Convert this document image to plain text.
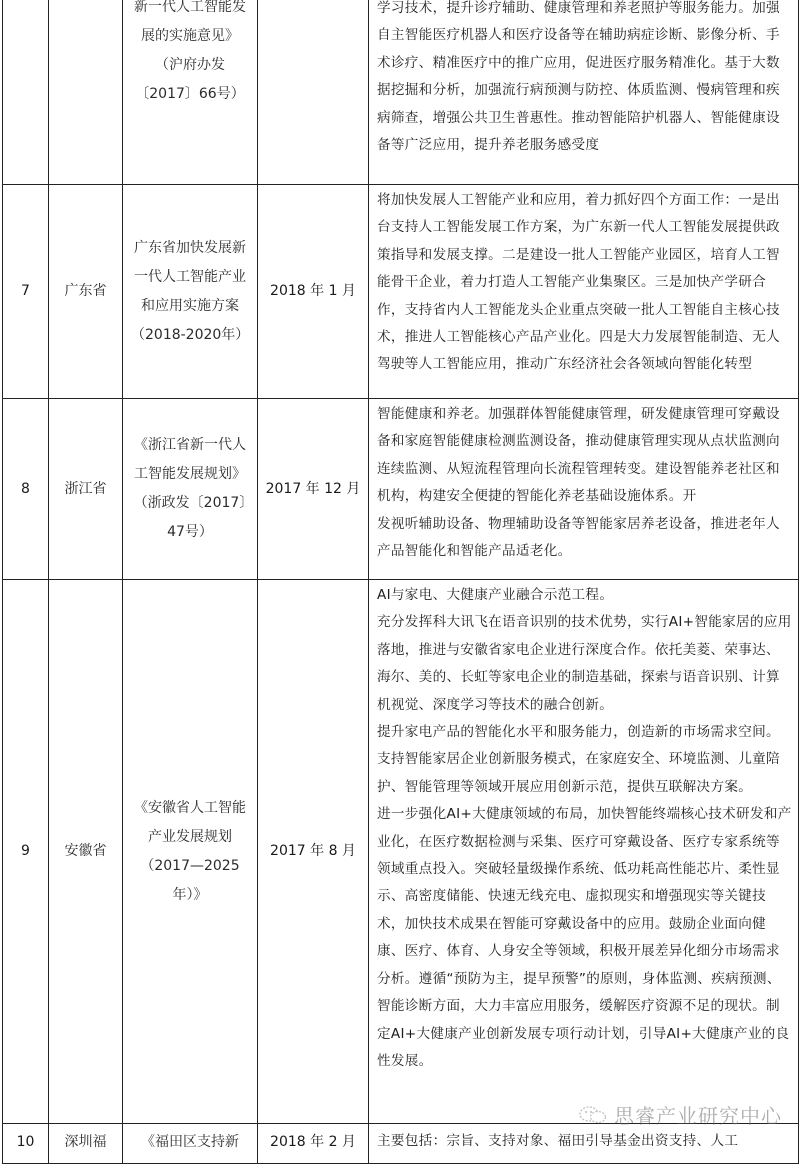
		新一代人工智能发展的实施意见》（沪府办发〔2017〕66号）		学习技术，提升诊疗辅助、健康管理和养老照护等服务能力。加强自主智能医疗机器人和医疗设备等在辅助病症诊断、影像分析、手术诊疗、精准医疗中的推广应用，促进医疗服务精准化。基于大数据挖掘和分析，加强流行病预测与防控、体质监测、慢病管理和疾病筛查，增强公共卫生普惠性。推动智能陪护机器人、智能健康设备等广泛应用，提升养老服务感受度

7	广东省	广东省加快发展新一代人工智能产业和应用实施方案（2018-2020年）	2018 年 1 月	将加快发展人工智能产业和应用，着力抓好四个方面工作：一是出台支持人工智能发展工作方案，为广东新一代人工智能发展提供政策指导和发展支撑。二是建设一批人工智能产业园区，培育人工智能骨干企业，着力打造人工智能产业集聚区。三是加快产学研合作，支持省内人工智能龙头企业重点突破一批人工智能自主核心技术，推进人工智能核心产品产业化。四是大力发展智能制造、无人驾驶等人工智能应用，推动广东经济社会各领域向智能化转型

8	浙江省	《浙江省新一代人工智能发展规划》（浙政发〔2017〕47号）	2017 年 12 月	智能健康和养老。加强群体智能健康管理，研发健康管理可穿戴设备和家庭智能健康检测监测设备，推动健康管理实现从点状监测向连续监测、从短流程管理向长流程管理转变。建设智能养老社区和机构，构建安全便捷的智能化养老基础设施体系。开
发视听辅助设备、物理辅助设备等智能家居养老设备，推进老年人产品智能化和智能产品适老化。

9	安徽省	《安徽省人工智能产业发展规划（2017—2025年）》	2017 年 8 月	AI与家电、大健康产业融合示范工程。
充分发挥科大讯飞在语音识别的技术优势，实行AI+智能家居的应用落地，推进与安徽省家电企业进行深度合作。依托美菱、荣事达、海尔、美的、长虹等家电企业的制造基础，探索与语音识别、计算机视觉、深度学习等技术的融合创新。
提升家电产品的智能化水平和服务能力，创造新的市场需求空间。支持智能家居企业创新服务模式，在家庭安全、环境监测、儿童陪护、智能管理等领域开展应用创新示范，提供互联解决方案。
进一步强化AI+大健康领域的布局，加快智能终端核心技术研发和产业化，在医疗数据检测与采集、医疗可穿戴设备、医疗专家系统等领域重点投入。突破轻量级操作系统、低功耗高性能芯片、柔性显示、高密度储能、快速无线充电、虚拟现实和增强现实等关键技术，加快技术成果在智能可穿戴设备中的应用。鼓励企业面向健康、医疗、体育、人身安全等领域，积极开展差异化细分市场需求分析。遵循“预防为主，提早预警”的原则，身体监测、疾病预测、智能诊断方面，大力丰富应用服务，缓解医疗资源不足的现状。制定AI+大健康产业创新发展专项行动计划，引导AI+大健康产业的良性发展。

10	深圳福	《福田区支持新	2018 年 2 月	主要包括：宗旨、支持对象、福田引导基金出资支持、人工
思睿产业研究中心
